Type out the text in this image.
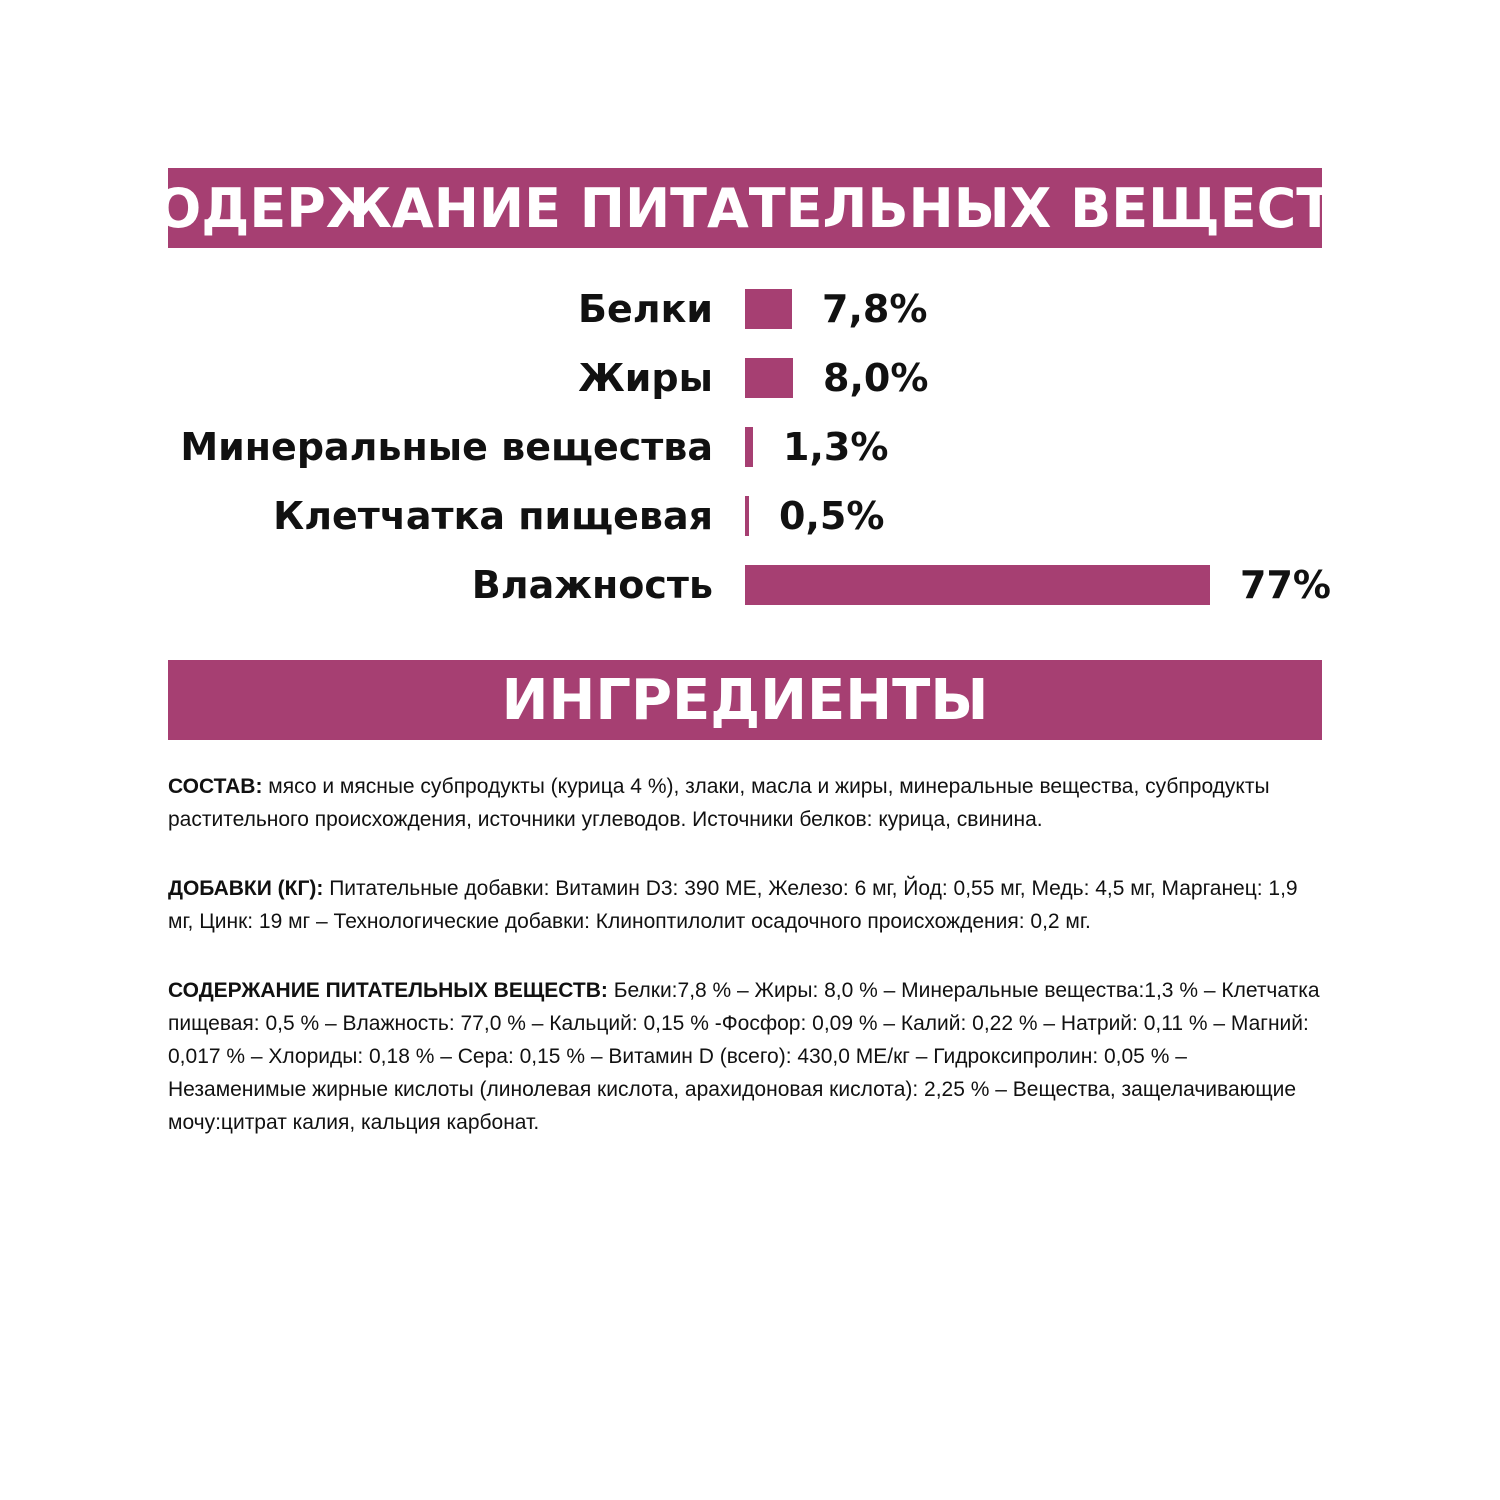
СОДЕРЖАНИЕ ПИТАТЕЛЬНЫХ ВЕЩЕСТВ
Белки	7,8%
Жиры	8,0%
Минеральные вещества 1,3%
Клетчатка пищевая 0,5%
Влажность	77%
ИНГРЕДИЕНТЫ
СОСТАВ: мясо и мясные субпродукты (курица 4 %), злаки, масла и жиры, минеральные вещества, субпродукты растительного происхождения, источники углеводов. Источники белков: курица, свинина.
ДОБАВКИ (КГ): Питательные добавки: Витамин D3: 390 МЕ, Железо: 6 мг, Йод: 0,55 мг, Медь: 4,5 мг, Марганец: 1,9 мг, Цинк: 19 мг – Технологические добавки: Клиноптилолит осадочного происхождения: 0,2 мг.
СОДЕРЖАНИЕ ПИТАТЕЛЬНЫХ ВЕЩЕСТВ: Белки:7,8 % – Жиры: 8,0 % – Минеральные вещества:1,3 % – Клетчатка пищевая: 0,5 % – Влажность: 77,0 % – Кальций: 0,15 % -Фосфор: 0,09 % – Калий: 0,22 % – Натрий: 0,11 % – Магний: 0,017 % – Хлориды: 0,18 % – Сера: 0,15 % – Витамин D (всего): 430,0 МЕ/кг – Гидроксипролин: 0,05 % – Незаменимые жирные кислоты (линолевая кислота, арахидоновая кислота): 2,25 % – Вещества, защелачивающие мочу:цитрат калия, кальция карбонат.
